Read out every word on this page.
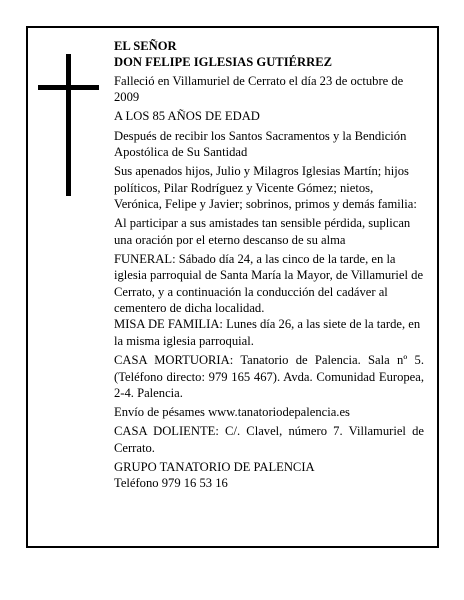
EL SEÑOR

DON FELIPE IGLESIAS GUTIÉRREZ

Falleció en Villamuriel de Cerrato el día 23 de octubre de 2009

A LOS 85 AÑOS DE EDAD

Después de recibir los Santos Sacramentos y la Bendición Apostólica de Su Santidad

Sus apenados hijos, Julio y Milagros Iglesias Martín; hijos políticos, Pilar Rodríguez y Vicente Gómez; nietos, Verónica, Felipe y Javier; sobrinos, primos y demás familia:

Al participar a sus amistades tan sensible pérdida, suplican una oración por el eterno descanso de su alma

FUNERAL: Sábado día 24, a las cinco de la tarde, en la iglesia parroquial de Santa María la Mayor, de Villamuriel de Cerrato, y a continuación la conducción del cadáver al cementero de dicha localidad.

MISA DE FAMILIA: Lunes día 26, a las siete de la tarde, en la misma iglesia parroquial.

CASA MORTUORIA: Tanatorio de Palencia. Sala nº 5. (Teléfono directo: 979 165 467). Avda. Comunidad Europea, 2-4. Palencia.

Envío de pésames www.tanatoriodepalencia.es

CASA DOLIENTE: C/. Clavel, número 7. Villamuriel de Cerrato.

GRUPO TANATORIO DE PALENCIA

Teléfono 979 16 53 16
